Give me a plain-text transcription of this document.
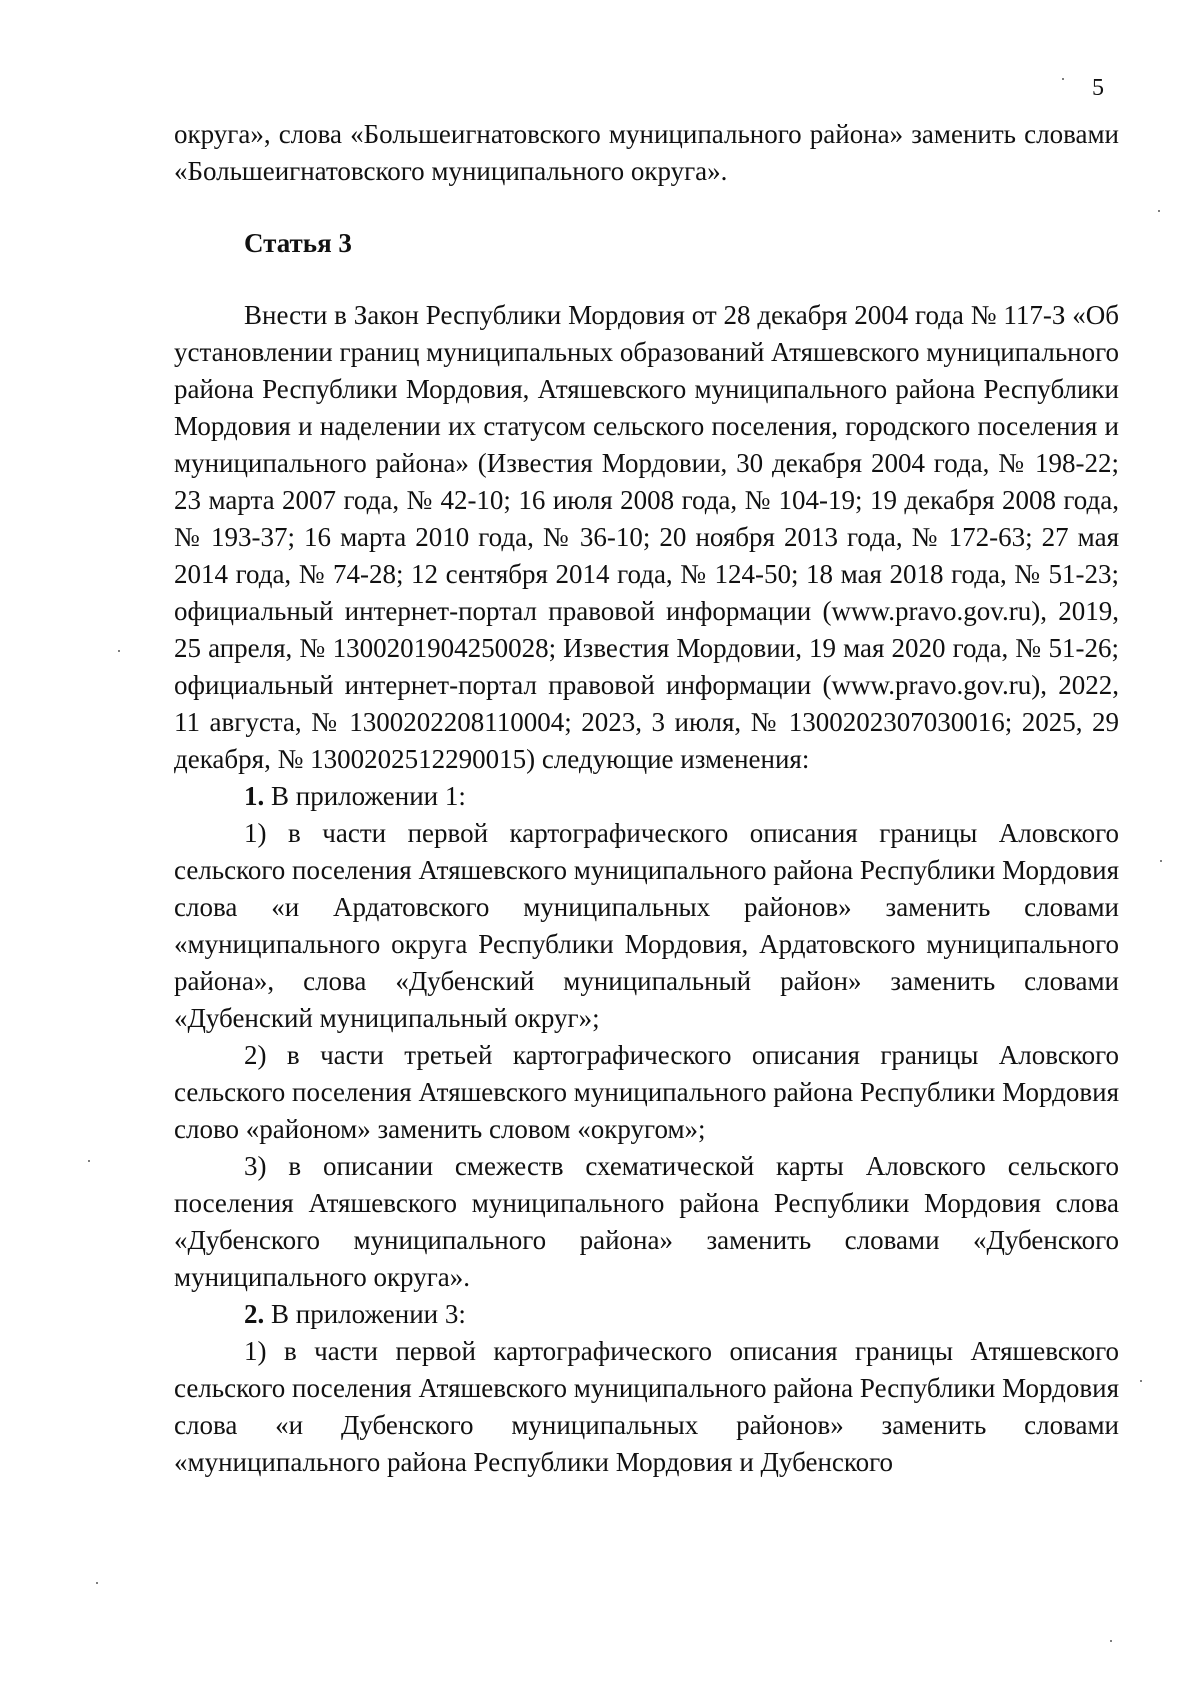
5

округа», слова «Большеигнатовского муниципального района» заменить словами «Большеигнатовского муниципального округа».

Статья 3

Внести в Закон Республики Мордовия от 28 декабря 2004 года № 117-З «Об установлении границ муниципальных образований Атяшевского муниципального района Республики Мордовия, Атяшевского муниципального района Республики Мордовия и наделении их статусом сельского поселения, городского поселения и муниципального района» (Известия Мордовии, 30 декабря 2004 года, № 198-22; 23 марта 2007 года, № 42-10; 16 июля 2008 года, № 104-19; 19 декабря 2008 года, № 193-37; 16 марта 2010 года, № 36-10; 20 ноября 2013 года, № 172-63; 27 мая 2014 года, № 74-28; 12 сентября 2014 года, № 124-50; 18 мая 2018 года, № 51-23; официальный интернет-портал правовой информации (www.pravo.gov.ru), 2019, 25 апреля, № 1300201904250028; Известия Мордовии, 19 мая 2020 года, № 51-26; официальный интернет-портал правовой информации (www.pravo.gov.ru), 2022, 11 августа, № 1300202208110004; 2023, 3 июля, № 1300202307030016; 2025, 29 декабря, № 1300202512290015) следующие изменения:

1. В приложении 1:

1) в части первой картографического описания границы Аловского сельского поселения Атяшевского муниципального района Республики Мордовия слова «и Ардатовского муниципальных районов» заменить словами «муниципального округа Республики Мордовия, Ардатовского муниципального района», слова «Дубенский муниципальный район» заменить словами «Дубенский муниципальный округ»;

2) в части третьей картографического описания границы Аловского сельского поселения Атяшевского муниципального района Республики Мордовия слово «районом» заменить словом «округом»;

3) в описании смежеств схематической карты Аловского сельского поселения Атяшевского муниципального района Республики Мордовия слова «Дубенского муниципального района» заменить словами «Дубенского муниципального округа».

2. В приложении 3:

1) в части первой картографического описания границы Атяшевского сельского поселения Атяшевского муниципального района Республики Мордовия слова «и Дубенского муниципальных районов» заменить словами «муниципального района Республики Мордовия и Дубенского
